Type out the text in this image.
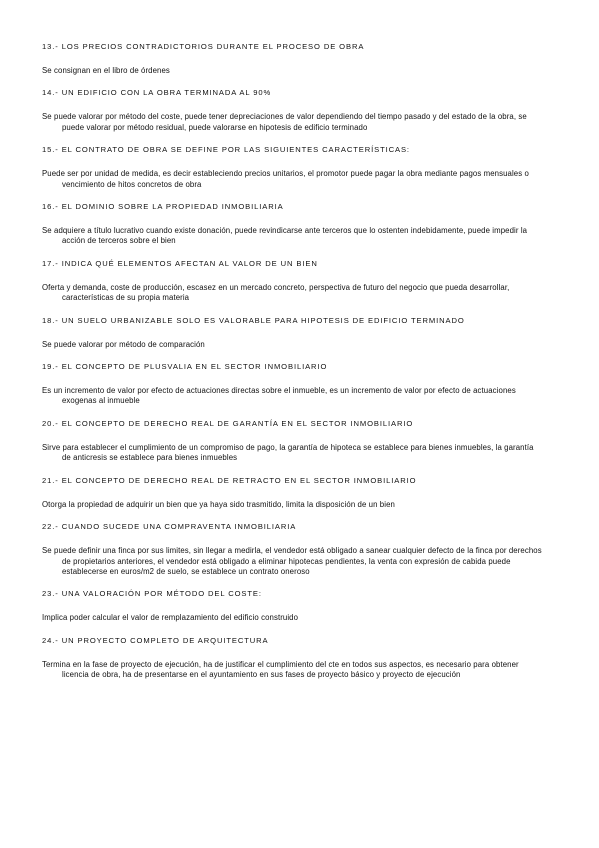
13.- LOS PRECIOS CONTRADICTORIOS DURANTE EL PROCESO DE OBRA

Se consignan en el libro de órdenes

14.- UN EDIFICIO CON LA OBRA TERMINADA AL 90%

Se puede valorar por método del coste, puede tener depreciaciones de valor dependiendo del tiempo pasado y del estado de la obra, se puede valorar por método residual, puede valorarse en hipotesis de edificio terminado

15.- EL CONTRATO DE OBRA SE DEFINE POR LAS SIGUIENTES CARACTERÍSTICAS:

Puede ser por unidad de medida, es decir estableciendo precios unitarios, el promotor puede pagar la obra mediante pagos mensuales o vencimiento de hitos concretos de obra

16.- EL DOMINIO SOBRE LA PROPIEDAD INMOBILIARIA

Se adquiere a título lucrativo cuando existe donación, puede revindicarse ante terceros que lo ostenten indebidamente, puede impedir la acción de terceros sobre el bien

17.- INDICA QUÉ ELEMENTOS AFECTAN AL VALOR DE UN BIEN

Oferta y demanda, coste de producción, escasez en un mercado concreto, perspectiva de futuro del negocio que pueda desarrollar, características de su propia materia

18.- UN SUELO URBANIZABLE SOLO ES VALORABLE PARA HIPOTESIS DE EDIFICIO TERMINADO

Se puede valorar por método de comparación

19.- EL CONCEPTO DE PLUSVALIA EN EL SECTOR INMOBILIARIO

Es un incremento de valor por efecto de actuaciones directas sobre el inmueble, es un incremento de valor por efecto de actuaciones exogenas al inmueble

20.- EL CONCEPTO DE DERECHO REAL DE GARANTÍA EN EL SECTOR INMOBILIARIO

Sirve para establecer el cumplimiento de un compromiso de pago, la garantía de hipoteca se establece para bienes inmuebles, la garantía de anticresis se establece para bienes inmuebles

21.- EL CONCEPTO DE DERECHO REAL DE RETRACTO EN EL SECTOR INMOBILIARIO

Otorga la propiedad de adquirir un bien que ya haya sido trasmitido, limita la disposición de un bien

22.- CUANDO SUCEDE UNA COMPRAVENTA INMOBILIARIA

Se puede definir una finca por sus limites, sin llegar a medirla, el vendedor está obligado a sanear cualquier defecto de la finca por derechos de propietarios anteriores, el vendedor está obligado a eliminar hipotecas pendientes, la venta con expresión de cabida puede establecerse en euros/m2 de suelo, se establece un contrato oneroso

23.- UNA VALORACIÓN POR MÉTODO DEL COSTE:

Implica poder calcular el valor de remplazamiento del edificio construido

24.- UN PROYECTO COMPLETO DE ARQUITECTURA

Termina en la fase de proyecto de ejecución, ha de justificar el cumplimiento del cte en todos sus aspectos, es necesario para obtener licencia de obra, ha de presentarse en el ayuntamiento en sus fases de proyecto básico y proyecto de ejecución
